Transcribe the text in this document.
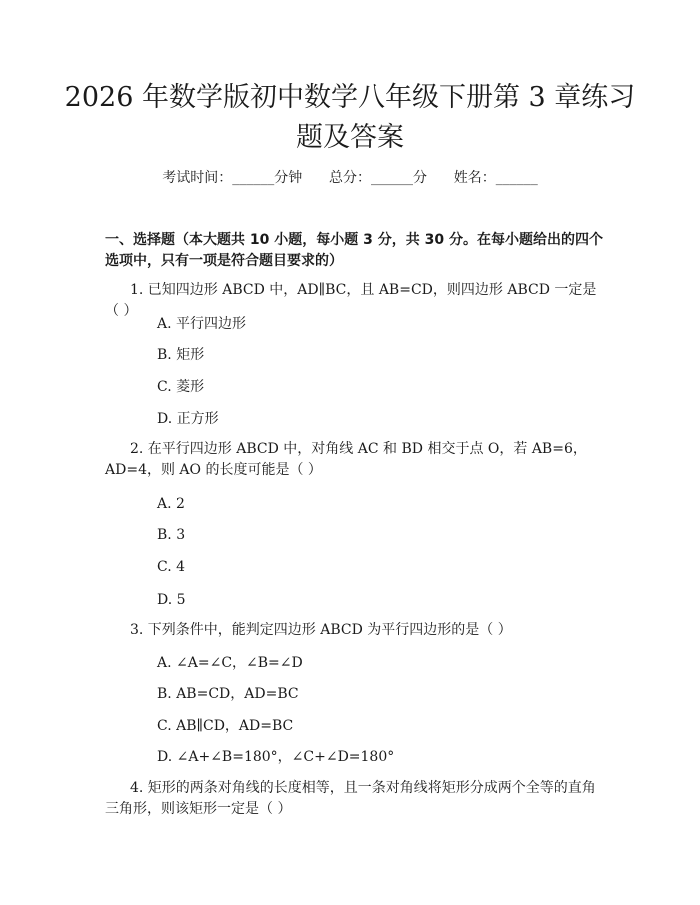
2026 年数学版初中数学八年级下册第 3 章练习题及答案
考试时间：______分钟      总分：______分      姓名：______
一、选择题（本大题共 10 小题，每小题 3 分，共 30 分。在每小题给出的四个选项中，只有一项是符合题目要求的）
1. 已知四边形 ABCD 中，AD∥BC，且 AB=CD，则四边形 ABCD 一定是（ ）
A. 平行四边形
B. 矩形
C. 菱形
D. 正方形
2. 在平行四边形 ABCD 中，对角线 AC 和 BD 相交于点 O，若 AB=6，AD=4，则 AO 的长度可能是（ ）
A. 2
B. 3
C. 4
D. 5
3. 下列条件中，能判定四边形 ABCD 为平行四边形的是（ ）
A. ∠A=∠C，∠B=∠D
B. AB=CD，AD=BC
C. AB∥CD，AD=BC
D. ∠A+∠B=180°，∠C+∠D=180°
4. 矩形的两条对角线的长度相等，且一条对角线将矩形分成两个全等的直角三角形，则该矩形一定是（ ）
